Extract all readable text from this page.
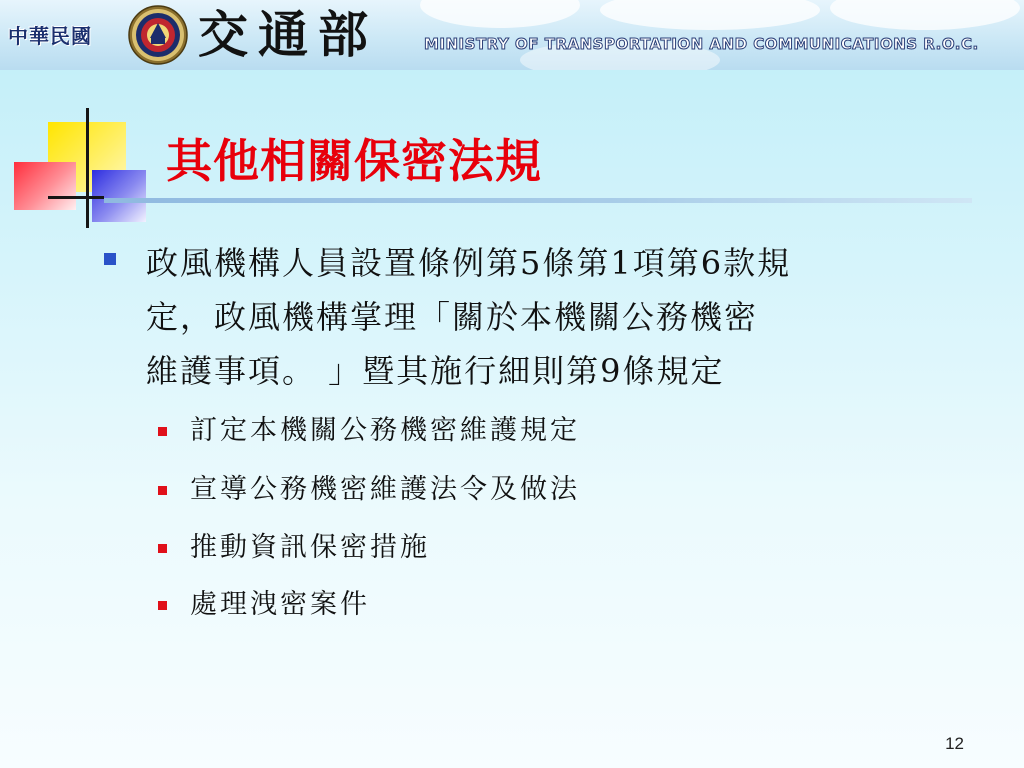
中華民國	交通部	MINISTRY OF TRANSPORTATION AND COMMUNICATIONS R.O.C.
其他相關保密法規
政風機構人員設置條例第5條第1項第6款規
定，政風機構掌理「關於本機關公務機密
維護事項。 」暨其施行細則第9條規定
訂定本機關公務機密維護規定
宣導公務機密維護法令及做法
推動資訊保密措施
處理洩密案件
12
